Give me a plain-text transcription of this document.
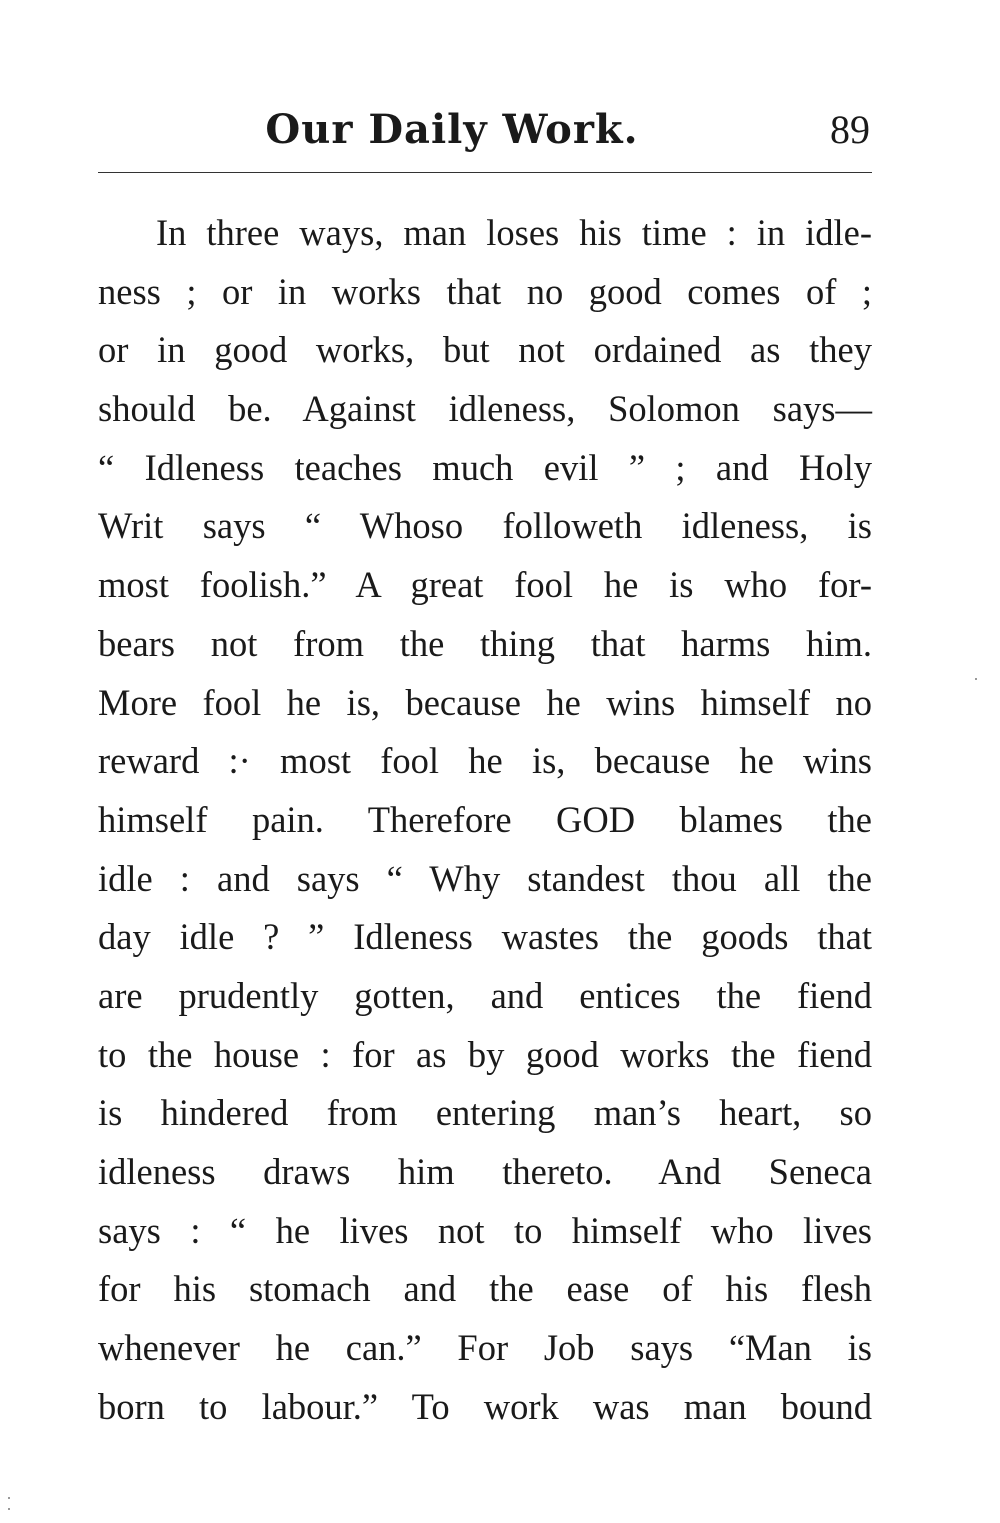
Our Daily Work.	89
In three ways, man loses his time : in idle-
ness ; or in works that no good comes of ;
or in good works, but not ordained as they
should be. Against idleness, Solomon says—
“ Idleness teaches much evil ” ; and Holy
Writ says “ Whoso followeth idleness, is
most foolish.” A great fool he is who for-
bears not from the thing that harms him.
More fool he is, because he wins himself no
reward :· most fool he is, because he wins
himself pain. Therefore GOD blames the
idle : and says “ Why standest thou all the
day idle ? ” Idleness wastes the goods that
are prudently gotten, and entices the fiend
to the house : for as by good works the fiend
is hindered from entering man’s heart, so
idleness draws him thereto. And Seneca
says : “ he lives not to himself who lives
for his stomach and the ease of his flesh
whenever he can.” For Job says “Man is
born to labour.” To work was man bound
